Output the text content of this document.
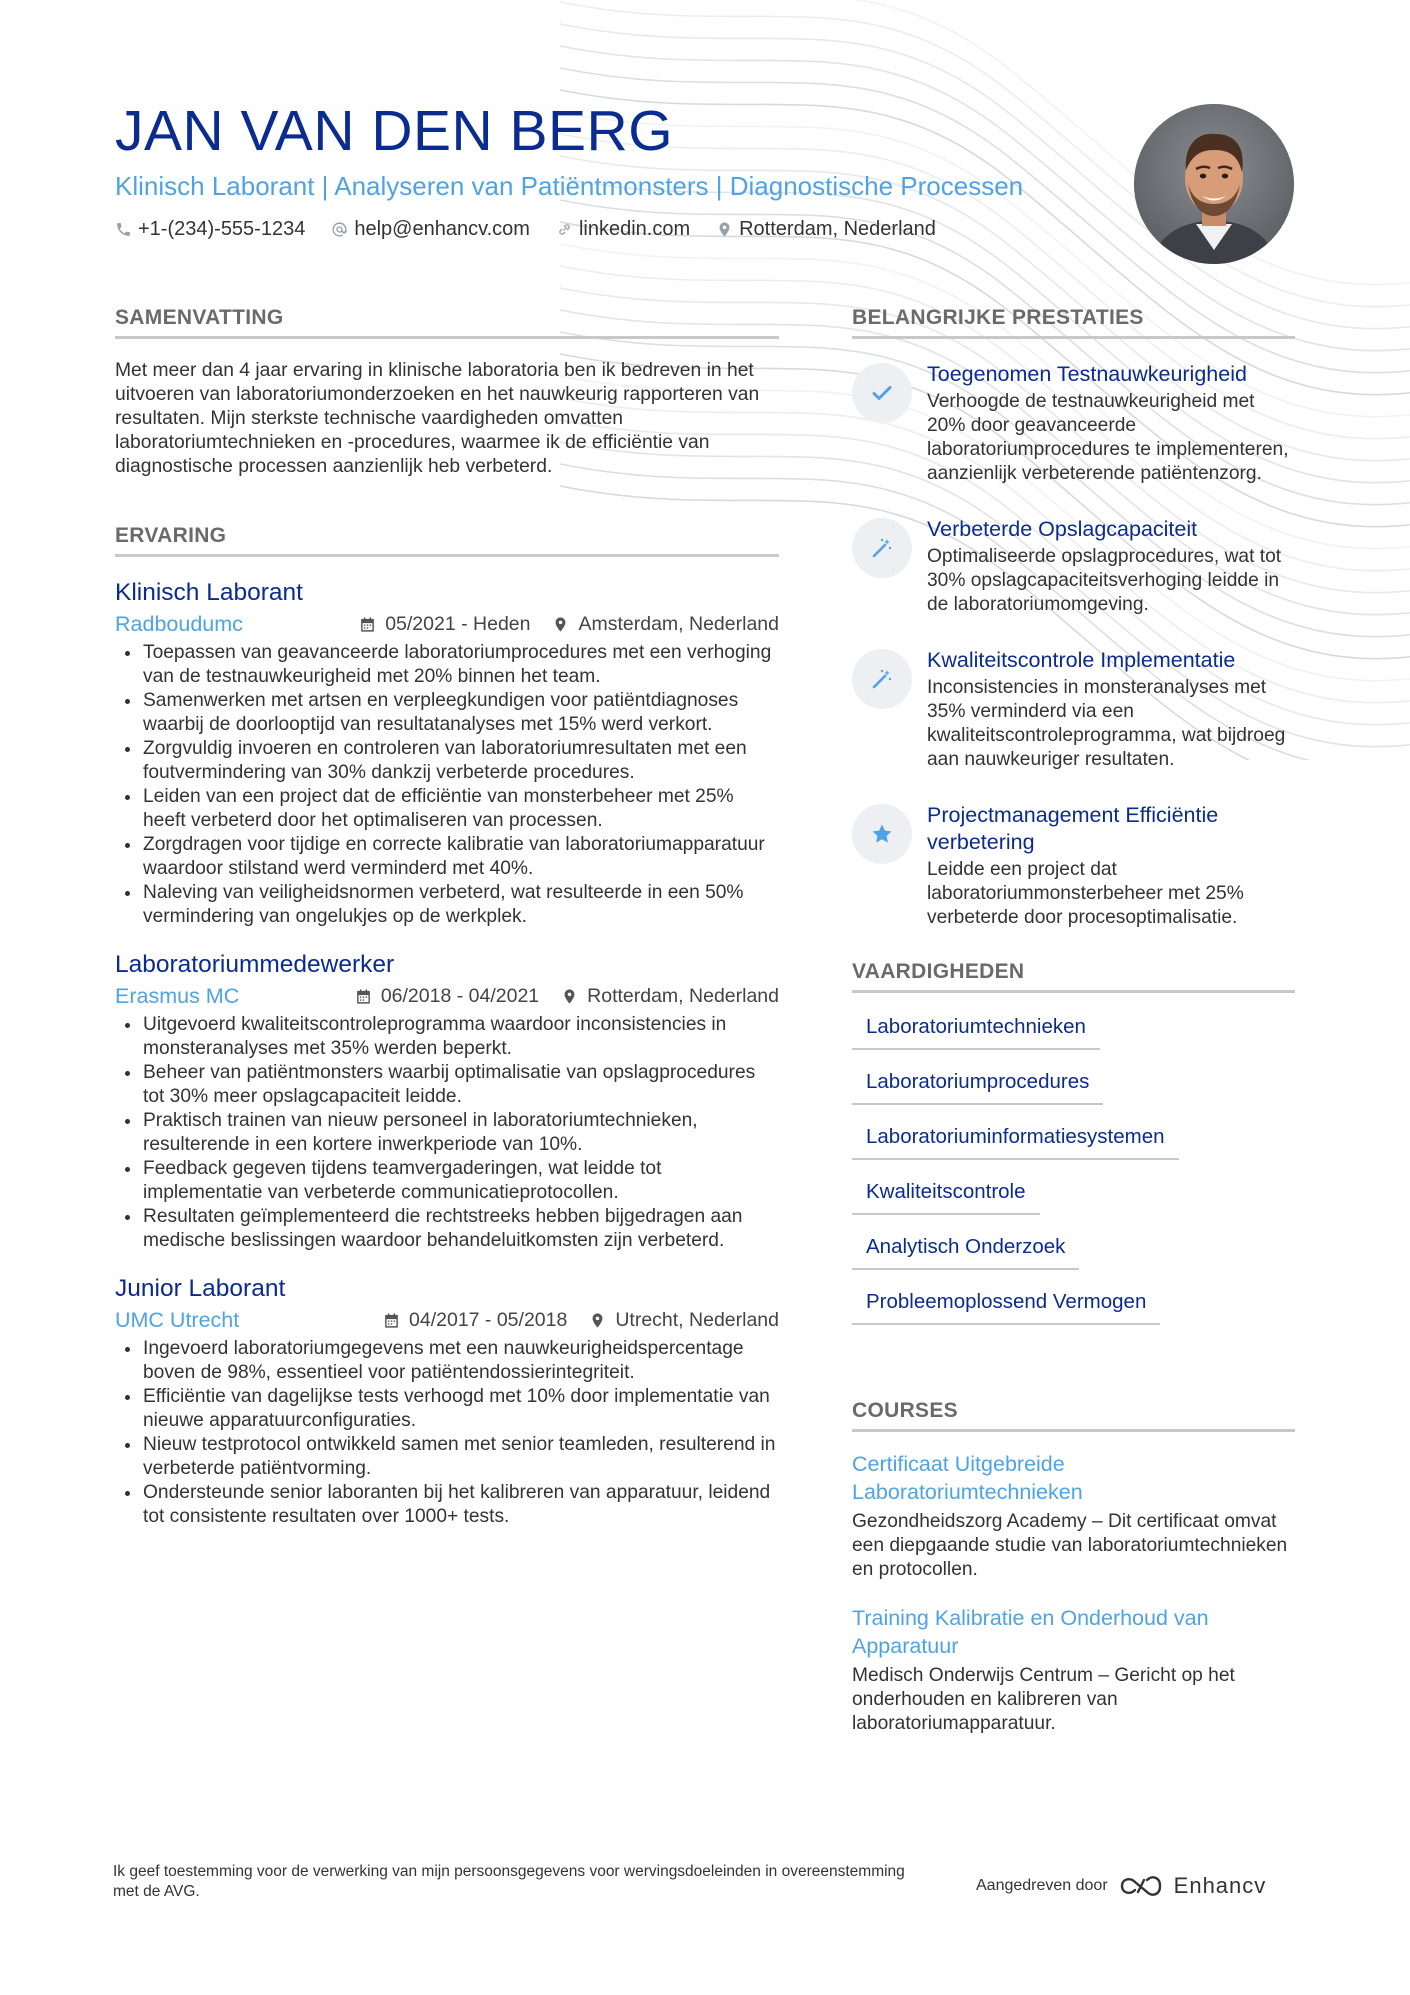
JAN VAN DEN BERG
Klinisch Laborant | Analyseren van Patiëntmonsters | Diagnostische Processen
+1-(234)-555-1234 help@enhancv.com linkedin.com Rotterdam, Nederland
SAMENVATTING

Met meer dan 4 jaar ervaring in klinische laboratoria ben ik bedreven in het uitvoeren van laboratoriumonderzoeken en het nauwkeurig rapporteren van resultaten. Mijn sterkste technische vaardigheden omvatten laboratoriumtechnieken en -procedures, waarmee ik de efficiëntie van diagnostische processen aanzienlijk heb verbeterd.

ERVARING
Klinisch Laborant
Radboudumc	05/2021 - Heden Amsterdam, Nederland
Toepassen van geavanceerde laboratoriumprocedures met een verhoging van de testnauwkeurigheid met 20% binnen het team.
Samenwerken met artsen en verpleegkundigen voor patiëntdiagnoses waarbij de doorlooptijd van resultatanalyses met 15% werd verkort.
Zorgvuldig invoeren en controleren van laboratoriumresultaten met een foutvermindering van 30% dankzij verbeterde procedures.
Leiden van een project dat de efficiëntie van monsterbeheer met 25% heeft verbeterd door het optimaliseren van processen.
Zorgdragen voor tijdige en correcte kalibratie van laboratoriumapparatuur waardoor stilstand werd verminderd met 40%.
Naleving van veiligheidsnormen verbeterd, wat resulteerde in een 50% vermindering van ongelukjes op de werkplek.
Laboratoriummedewerker
Erasmus MC	06/2018 - 04/2021 Rotterdam, Nederland
Uitgevoerd kwaliteitscontroleprogramma waardoor inconsistencies in monsteranalyses met 35% werden beperkt.
Beheer van patiëntmonsters waarbij optimalisatie van opslagprocedures tot 30% meer opslagcapaciteit leidde.
Praktisch trainen van nieuw personeel in laboratoriumtechnieken, resulterende in een kortere inwerkperiode van 10%.
Feedback gegeven tijdens teamvergaderingen, wat leidde tot implementatie van verbeterde communicatieprotocollen.
Resultaten geïmplementeerd die rechtstreeks hebben bijgedragen aan medische beslissingen waardoor behandeluitkomsten zijn verbeterd.
Junior Laborant
UMC Utrecht	04/2017 - 05/2018 Utrecht, Nederland
Ingevoerd laboratoriumgegevens met een nauwkeurigheidspercentage boven de 98%, essentieel voor patiëntendossierintegriteit.
Efficiëntie van dagelijkse tests verhoogd met 10% door implementatie van nieuwe apparatuurconfiguraties.
Nieuw testprotocol ontwikkeld samen met senior teamleden, resulterend in verbeterde patiëntvorming.
Ondersteunde senior laboranten bij het kalibreren van apparatuur, leidend tot consistente resultaten over 1000+ tests.
BELANGRIJKE PRESTATIES
Toegenomen Testnauwkeurigheid
Verhoogde de testnauwkeurigheid met 20% door geavanceerde laboratoriumprocedures te implementeren, aanzienlijk verbeterende patiëntenzorg.
Verbeterde Opslagcapaciteit
Optimaliseerde opslagprocedures, wat tot 30% opslagcapaciteitsverhoging leidde in de laboratoriumomgeving.
Kwaliteitscontrole Implementatie
Inconsistencies in monsteranalyses met 35% verminderd via een kwaliteitscontroleprogramma, wat bijdroeg aan nauwkeuriger resultaten.
Projectmanagement Efficiëntie verbetering
Leidde een project dat laboratoriummonsterbeheer met 25% verbeterde door procesoptimalisatie.
VAARDIGHEDEN
Laboratoriumtechnieken
Laboratoriumprocedures
Laboratoriuminformatiesystemen
Kwaliteitscontrole
Analytisch Onderzoek
Probleemoplossend Vermogen
COURSES
Certificaat Uitgebreide Laboratoriumtechnieken
Gezondheidszorg Academy – Dit certificaat omvat een diepgaande studie van laboratoriumtechnieken en protocollen.
Training Kalibratie en Onderhoud van Apparatuur
Medisch Onderwijs Centrum – Gericht op het onderhouden en kalibreren van laboratoriumapparatuur.
Ik geef toestemming voor de verwerking van mijn persoonsgegevens voor wervingsdoeleinden in overeenstemming met de AVG.	Aangedreven door	Enhancv
